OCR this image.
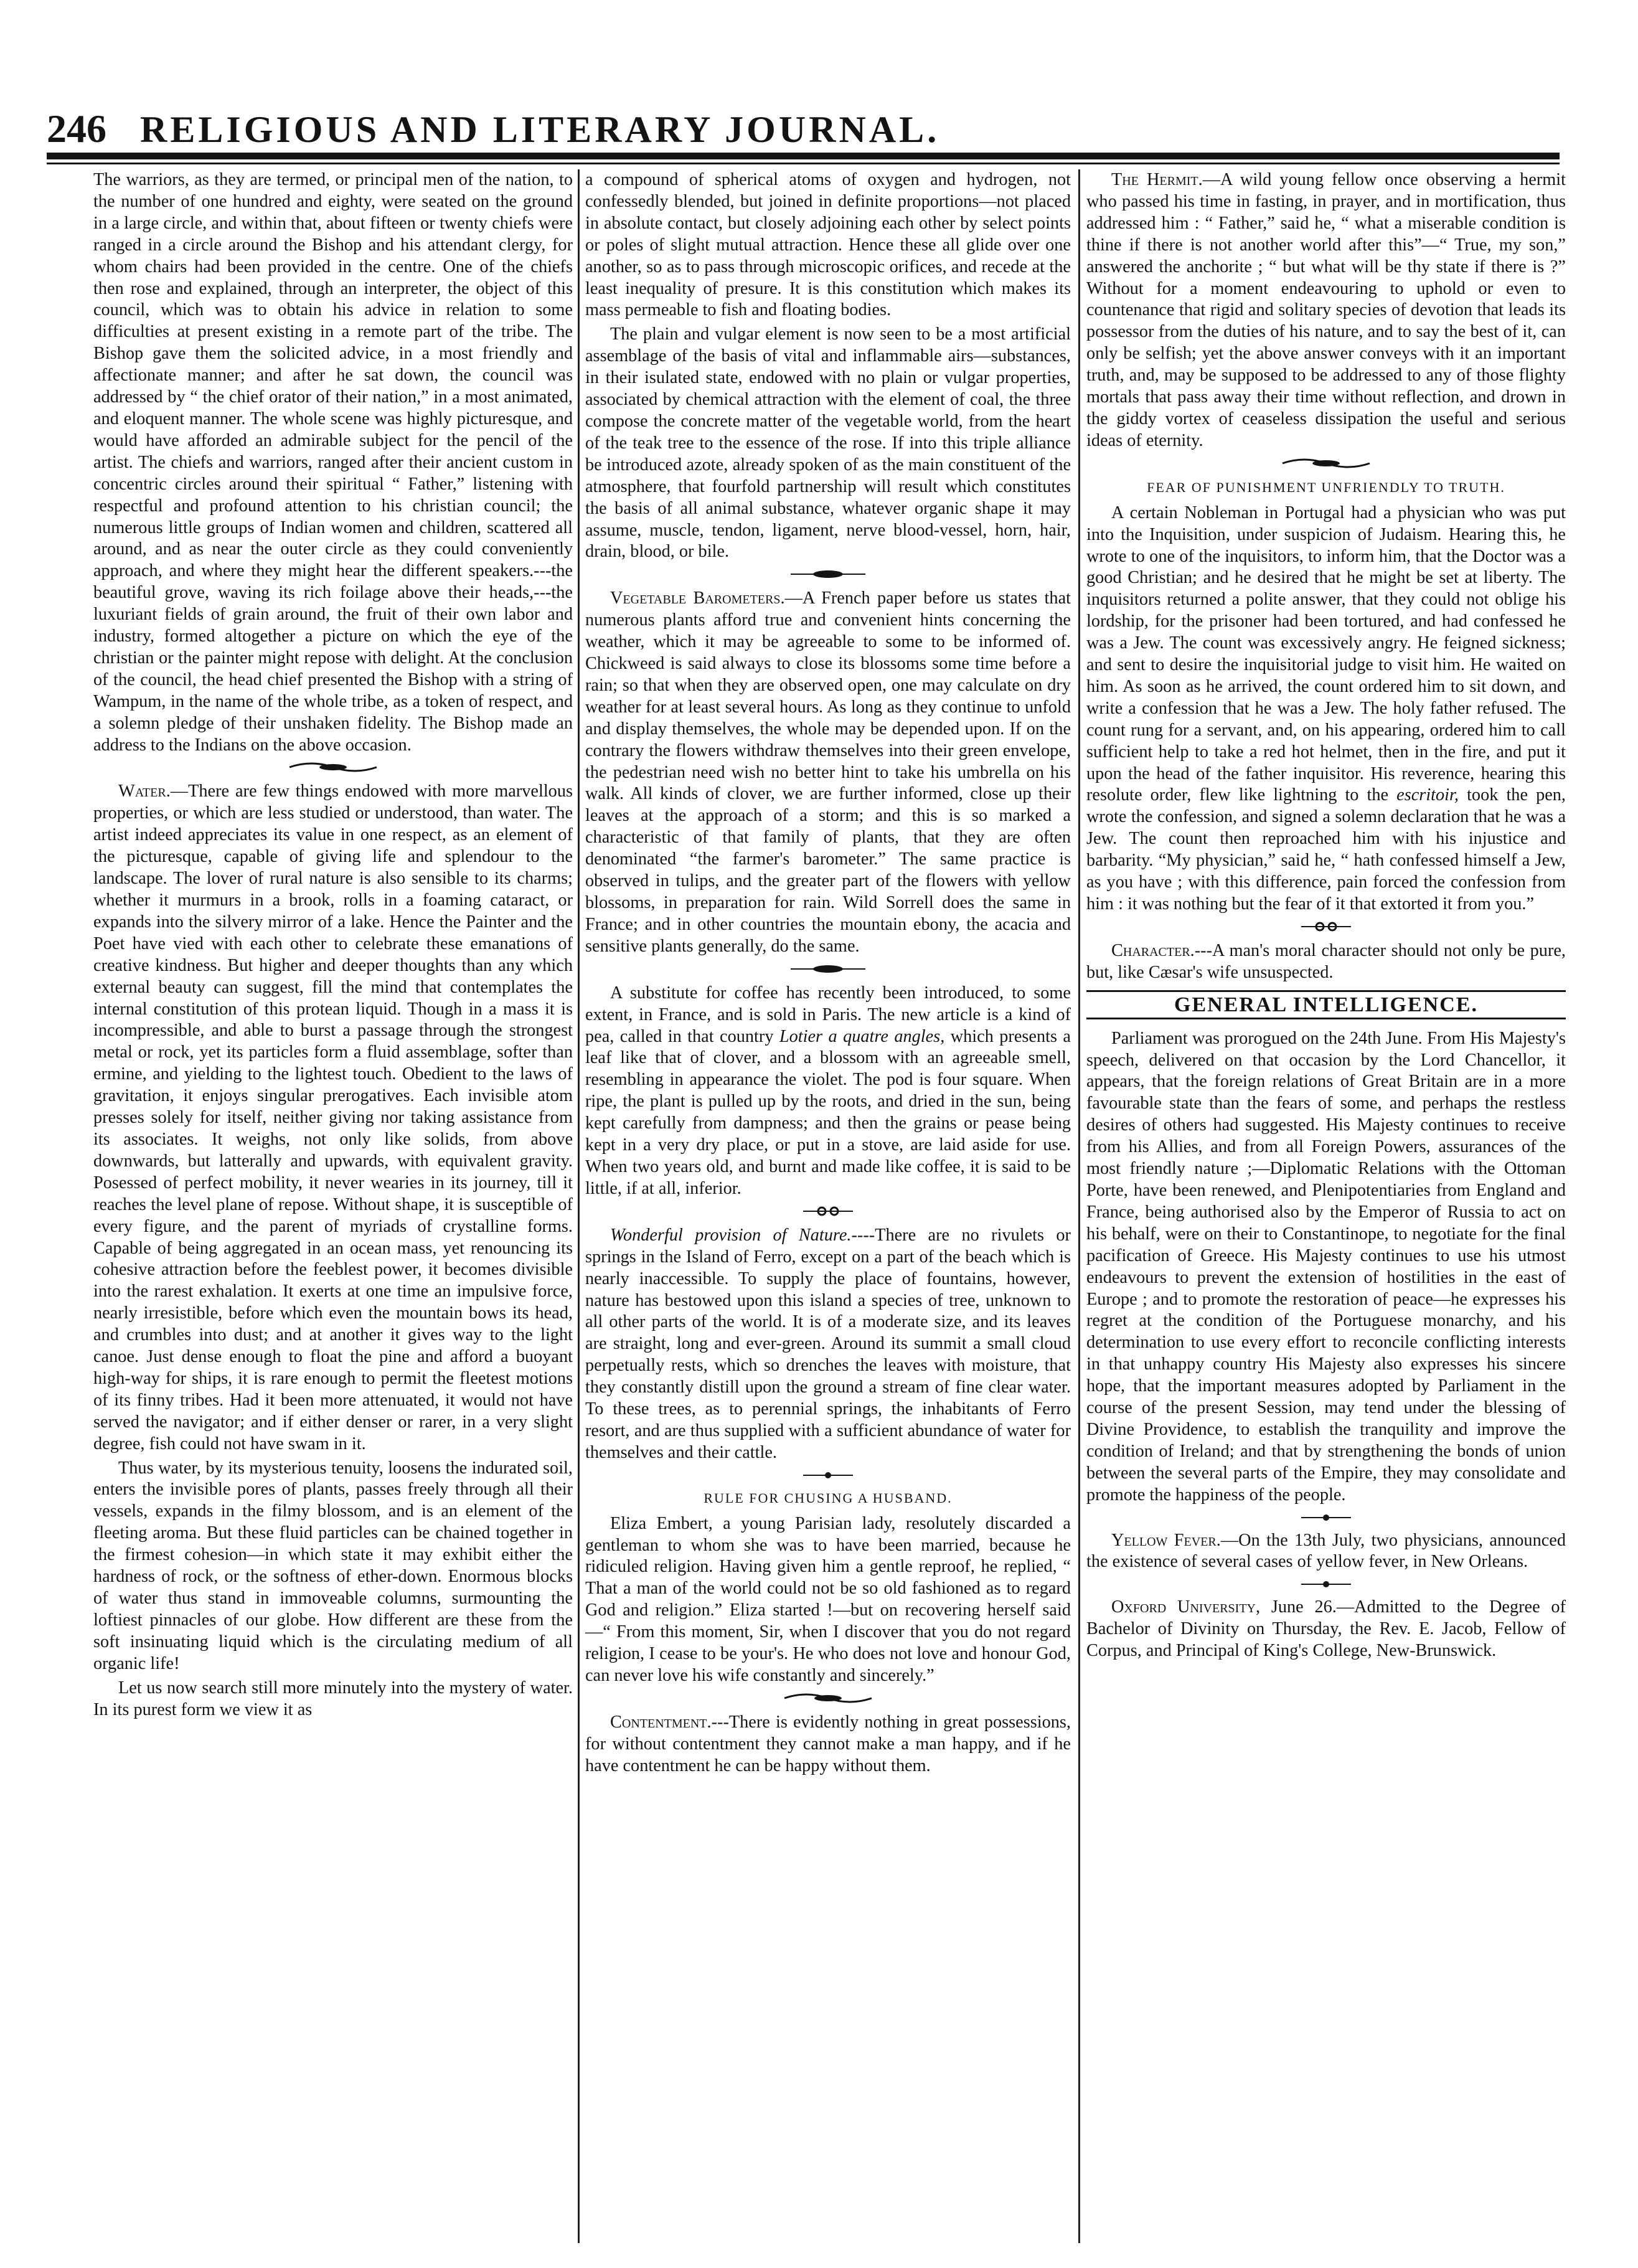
246 RELIGIOUS AND LITERARY JOURNAL.

The warriors, as they are termed, or principal men of the nation, to the number of one hundred and eighty, were seated on the ground in a large circle, and within that, about fifteen or twenty chiefs were ranged in a circle around the Bishop and his attendant clergy, for whom chairs had been provided in the centre. One of the chiefs then rose and explained, through an interpreter, the object of this council, which was to obtain his advice in relation to some difficulties at present existing in a remote part of the tribe. The Bishop gave them the solicited advice, in a most friendly and affectionate manner; and after he sat down, the council was addressed by “ the chief orator of their nation,” in a most animated, and eloquent manner. The whole scene was highly picturesque, and would have afforded an admirable subject for the pencil of the artist. The chiefs and warriors, ranged after their ancient custom in concentric circles around their spiritual “ Father,” listening with respectful and profound attention to his christian council; the numerous little groups of Indian women and children, scattered all around, and as near the outer circle as they could conveniently approach, and where they might hear the different speakers.---the beautiful grove, waving its rich foilage above their heads,---the luxuriant fields of grain around, the fruit of their own labor and industry, formed altogether a picture on which the eye of the christian or the painter might repose with delight. At the conclusion of the council, the head chief presented the Bishop with a string of Wampum, in the name of the whole tribe, as a token of respect, and a solemn pledge of their unshaken fidelity. The Bishop made an address to the Indians on the above occasion.

Water.—There are few things endowed with more marvellous properties, or which are less studied or understood, than water. The artist indeed appreciates its value in one respect, as an element of the picturesque, capable of giving life and splendour to the landscape. The lover of rural nature is also sensible to its charms; whether it murmurs in a brook, rolls in a foaming cataract, or expands into the silvery mirror of a lake. Hence the Painter and the Poet have vied with each other to celebrate these emanations of creative kindness. But higher and deeper thoughts than any which external beauty can suggest, fill the mind that contemplates the internal constitution of this protean liquid. Though in a mass it is incompressible, and able to burst a passage through the strongest metal or rock, yet its particles form a fluid assemblage, softer than ermine, and yielding to the lightest touch. Obedient to the laws of gravitation, it enjoys singular prerogatives. Each invisible atom presses solely for itself, neither giving nor taking assistance from its associates. It weighs, not only like solids, from above downwards, but latterally and upwards, with equivalent gravity. Posessed of perfect mobility, it never wearies in its journey, till it reaches the level plane of repose. Without shape, it is susceptible of every figure, and the parent of myriads of crystalline forms. Capable of being aggregated in an ocean mass, yet renouncing its cohesive attraction before the feeblest power, it becomes divisible into the rarest exhalation. It exerts at one time an impulsive force, nearly irresistible, before which even the mountain bows its head, and crumbles into dust; and at another it gives way to the light canoe. Just dense enough to float the pine and afford a buoyant high-way for ships, it is rare enough to permit the fleetest motions of its finny tribes. Had it been more attenuated, it would not have served the navigator; and if either denser or rarer, in a very slight degree, fish could not have swam in it.

Thus water, by its mysterious tenuity, loosens the indurated soil, enters the invisible pores of plants, passes freely through all their vessels, expands in the filmy blossom, and is an element of the fleeting aroma. But these fluid particles can be chained together in the firmest cohesion—in which state it may exhibit either the hardness of rock, or the softness of ether-down. Enormous blocks of water thus stand in immoveable columns, surmounting the loftiest pinnacles of our globe. How different are these from the soft insinuating liquid which is the circulating medium of all organic life!

Let us now search still more minutely into the mystery of water. In its purest form we view it as

a compound of spherical atoms of oxygen and hydrogen, not confessedly blended, but joined in definite proportions—not placed in absolute contact, but closely adjoining each other by select points or poles of slight mutual attraction. Hence these all glide over one another, so as to pass through microscopic orifices, and recede at the least inequality of presure. It is this constitution which makes its mass permeable to fish and floating bodies.

The plain and vulgar element is now seen to be a most artificial assemblage of the basis of vital and inflammable airs—substances, in their isulated state, endowed with no plain or vulgar properties, associated by chemical attraction with the element of coal, the three compose the concrete matter of the vegetable world, from the heart of the teak tree to the essence of the rose. If into this triple alliance be introduced azote, already spoken of as the main constituent of the atmosphere, that fourfold partnership will result which constitutes the basis of all animal substance, whatever organic shape it may assume, muscle, tendon, ligament, nerve blood-vessel, horn, hair, drain, blood, or bile.

Vegetable Barometers.—A French paper before us states that numerous plants afford true and convenient hints concerning the weather, which it may be agreeable to some to be informed of. Chickweed is said always to close its blossoms some time before a rain; so that when they are observed open, one may calculate on dry weather for at least several hours. As long as they continue to unfold and display themselves, the whole may be depended upon. If on the contrary the flowers withdraw themselves into their green envelope, the pedestrian need wish no better hint to take his umbrella on his walk. All kinds of clover, we are further informed, close up their leaves at the approach of a storm; and this is so marked a characteristic of that family of plants, that they are often denominated “the farmer's barometer.” The same practice is observed in tulips, and the greater part of the flowers with yellow blossoms, in preparation for rain. Wild Sorrell does the same in France; and in other countries the mountain ebony, the acacia and sensitive plants generally, do the same.

A substitute for coffee has recently been introduced, to some extent, in France, and is sold in Paris. The new article is a kind of pea, called in that country Lotier a quatre angles, which presents a leaf like that of clover, and a blossom with an agreeable smell, resembling in appearance the violet. The pod is four square. When ripe, the plant is pulled up by the roots, and dried in the sun, being kept carefully from dampness; and then the grains or pease being kept in a very dry place, or put in a stove, are laid aside for use. When two years old, and burnt and made like coffee, it is said to be little, if at all, inferior.

Wonderful provision of Nature.----There are no rivulets or springs in the Island of Ferro, except on a part of the beach which is nearly inaccessible. To supply the place of fountains, however, nature has bestowed upon this island a species of tree, unknown to all other parts of the world. It is of a moderate size, and its leaves are straight, long and ever-green. Around its summit a small cloud perpetually rests, which so drenches the leaves with moisture, that they constantly distill upon the ground a stream of fine clear water. To these trees, as to perennial springs, the inhabitants of Ferro resort, and are thus supplied with a sufficient abundance of water for themselves and their cattle.

RULE FOR CHUSING A HUSBAND.

Eliza Embert, a young Parisian lady, resolutely discarded a gentleman to whom she was to have been married, because he ridiculed religion. Having given him a gentle reproof, he replied, “ That a man of the world could not be so old fashioned as to regard God and religion.” Eliza started !—but on recovering herself said—“ From this moment, Sir, when I discover that you do not regard religion, I cease to be your's. He who does not love and honour God, can never love his wife constantly and sincerely.”

Contentment.---There is evidently nothing in great possessions, for without contentment they cannot make a man happy, and if he have contentment he can be happy without them.

The Hermit.—A wild young fellow once observing a hermit who passed his time in fasting, in prayer, and in mortification, thus addressed him : “ Father,” said he, “ what a miserable condition is thine if there is not another world after this”—“ True, my son,” answered the anchorite ; “ but what will be thy state if there is ?” Without for a moment endeavouring to uphold or even to countenance that rigid and solitary species of devotion that leads its possessor from the duties of his nature, and to say the best of it, can only be selfish; yet the above answer conveys with it an important truth, and, may be supposed to be addressed to any of those flighty mortals that pass away their time without reflection, and drown in the giddy vortex of ceaseless dissipation the useful and serious ideas of eternity.

FEAR OF PUNISHMENT UNFRIENDLY TO TRUTH.

A certain Nobleman in Portugal had a physician who was put into the Inquisition, under suspicion of Judaism. Hearing this, he wrote to one of the inquisitors, to inform him, that the Doctor was a good Christian; and he desired that he might be set at liberty. The inquisitors returned a polite answer, that they could not oblige his lordship, for the prisoner had been tortured, and had confessed he was a Jew. The count was excessively angry. He feigned sickness; and sent to desire the inquisitorial judge to visit him. He waited on him. As soon as he arrived, the count ordered him to sit down, and write a confession that he was a Jew. The holy father refused. The count rung for a servant, and, on his appearing, ordered him to call sufficient help to take a red hot helmet, then in the fire, and put it upon the head of the father inquisitor. His reverence, hearing this resolute order, flew like lightning to the escritoir, took the pen, wrote the confession, and signed a solemn declaration that he was a Jew. The count then reproached him with his injustice and barbarity. “My physician,” said he, “ hath confessed himself a Jew, as you have ; with this difference, pain forced the confession from him : it was nothing but the fear of it that extorted it from you.”

Character.---A man's moral character should not only be pure, but, like Cæsar's wife unsuspected.

GENERAL INTELLIGENCE.

Parliament was prorogued on the 24th June. From His Majesty's speech, delivered on that occasion by the Lord Chancellor, it appears, that the foreign relations of Great Britain are in a more favourable state than the fears of some, and perhaps the restless desires of others had suggested. His Majesty continues to receive from his Allies, and from all Foreign Powers, assurances of the most friendly nature ;—Diplomatic Relations with the Ottoman Porte, have been renewed, and Plenipotentiaries from England and France, being authorised also by the Emperor of Russia to act on his behalf, were on their to Constantinope, to negotiate for the final pacification of Greece. His Majesty continues to use his utmost endeavours to prevent the extension of hostilities in the east of Europe ; and to promote the restoration of peace—he expresses his regret at the condition of the Portuguese monarchy, and his determination to use every effort to reconcile conflicting interests in that unhappy country His Majesty also expresses his sincere hope, that the important measures adopted by Parliament in the course of the present Session, may tend under the blessing of Divine Providence, to establish the tranquility and improve the condition of Ireland; and that by strengthening the bonds of union between the several parts of the Empire, they may consolidate and promote the happiness of the people.

Yellow Fever.—On the 13th July, two physicians, announced the existence of several cases of yellow fever, in New Orleans.

Oxford University, June 26.—Admitted to the Degree of Bachelor of Divinity on Thursday, the Rev. E. Jacob, Fellow of Corpus, and Principal of King's College, New-Brunswick.
